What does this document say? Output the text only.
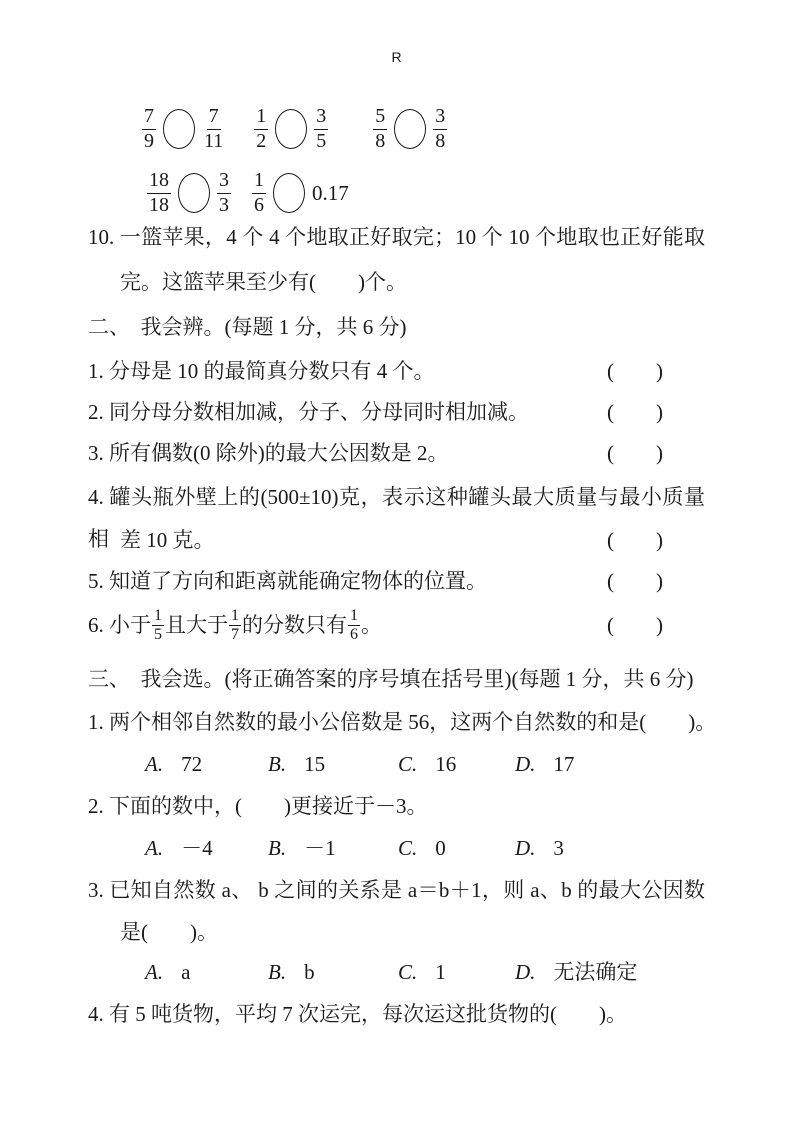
R
$\frac{7}{9} \frac{7}{11} \frac{1}{2} \frac{3}{5} \frac{5}{8} \frac{3}{8}$
$\frac{18}{18} \frac{3}{3} \frac{1}{6} 0.17$
10. 一篮苹果，4 个 4 个地取正好取完；10 个 10 个地取也正好能取
完。这篮苹果至少有(　　)个。
二、　我会辨。(每题 1 分，共 6 分)
1. 分母是 10 的最简真分数只有 4 个。	(　　)
2. 同分母分数相加减，分子、分母同时相加减。	(　　)
3. 所有偶数(0 除外)的最大公因数是 2。	(　　)
4. 罐头瓶外壁上的(500±10)克，表示这种罐头最大质量与最小质量相 差 10 克。	(　　)
5. 知道了方向和距离就能确定物体的位置。	(　　)
6. 小于 $\frac{1}{5}$ 且大于 $\frac{1}{7}$ 的分数只有 $\frac{1}{6}$ 。	(　　)
三、　我会选。(将正确答案的序号填在括号里)(每题 1 分，共 6 分)
1. 两个相邻自然数的最小公倍数是 56，这两个自然数的和是(　　)。
A. 72	B. 15	C. 16	D. 17
2. 下面的数中，(　　)更接近于－3。
A. －4	B. －1	C. 0	D. 3
3. 已知自然数 a、 b 之间的关系是 a＝b＋1，则 a、b 的最大公因数
是(　　)。
A. a	B. b	C. 1	D. 无法确定
4. 有 5 吨货物，平均 7 次运完，每次运这批货物的(　　)。
